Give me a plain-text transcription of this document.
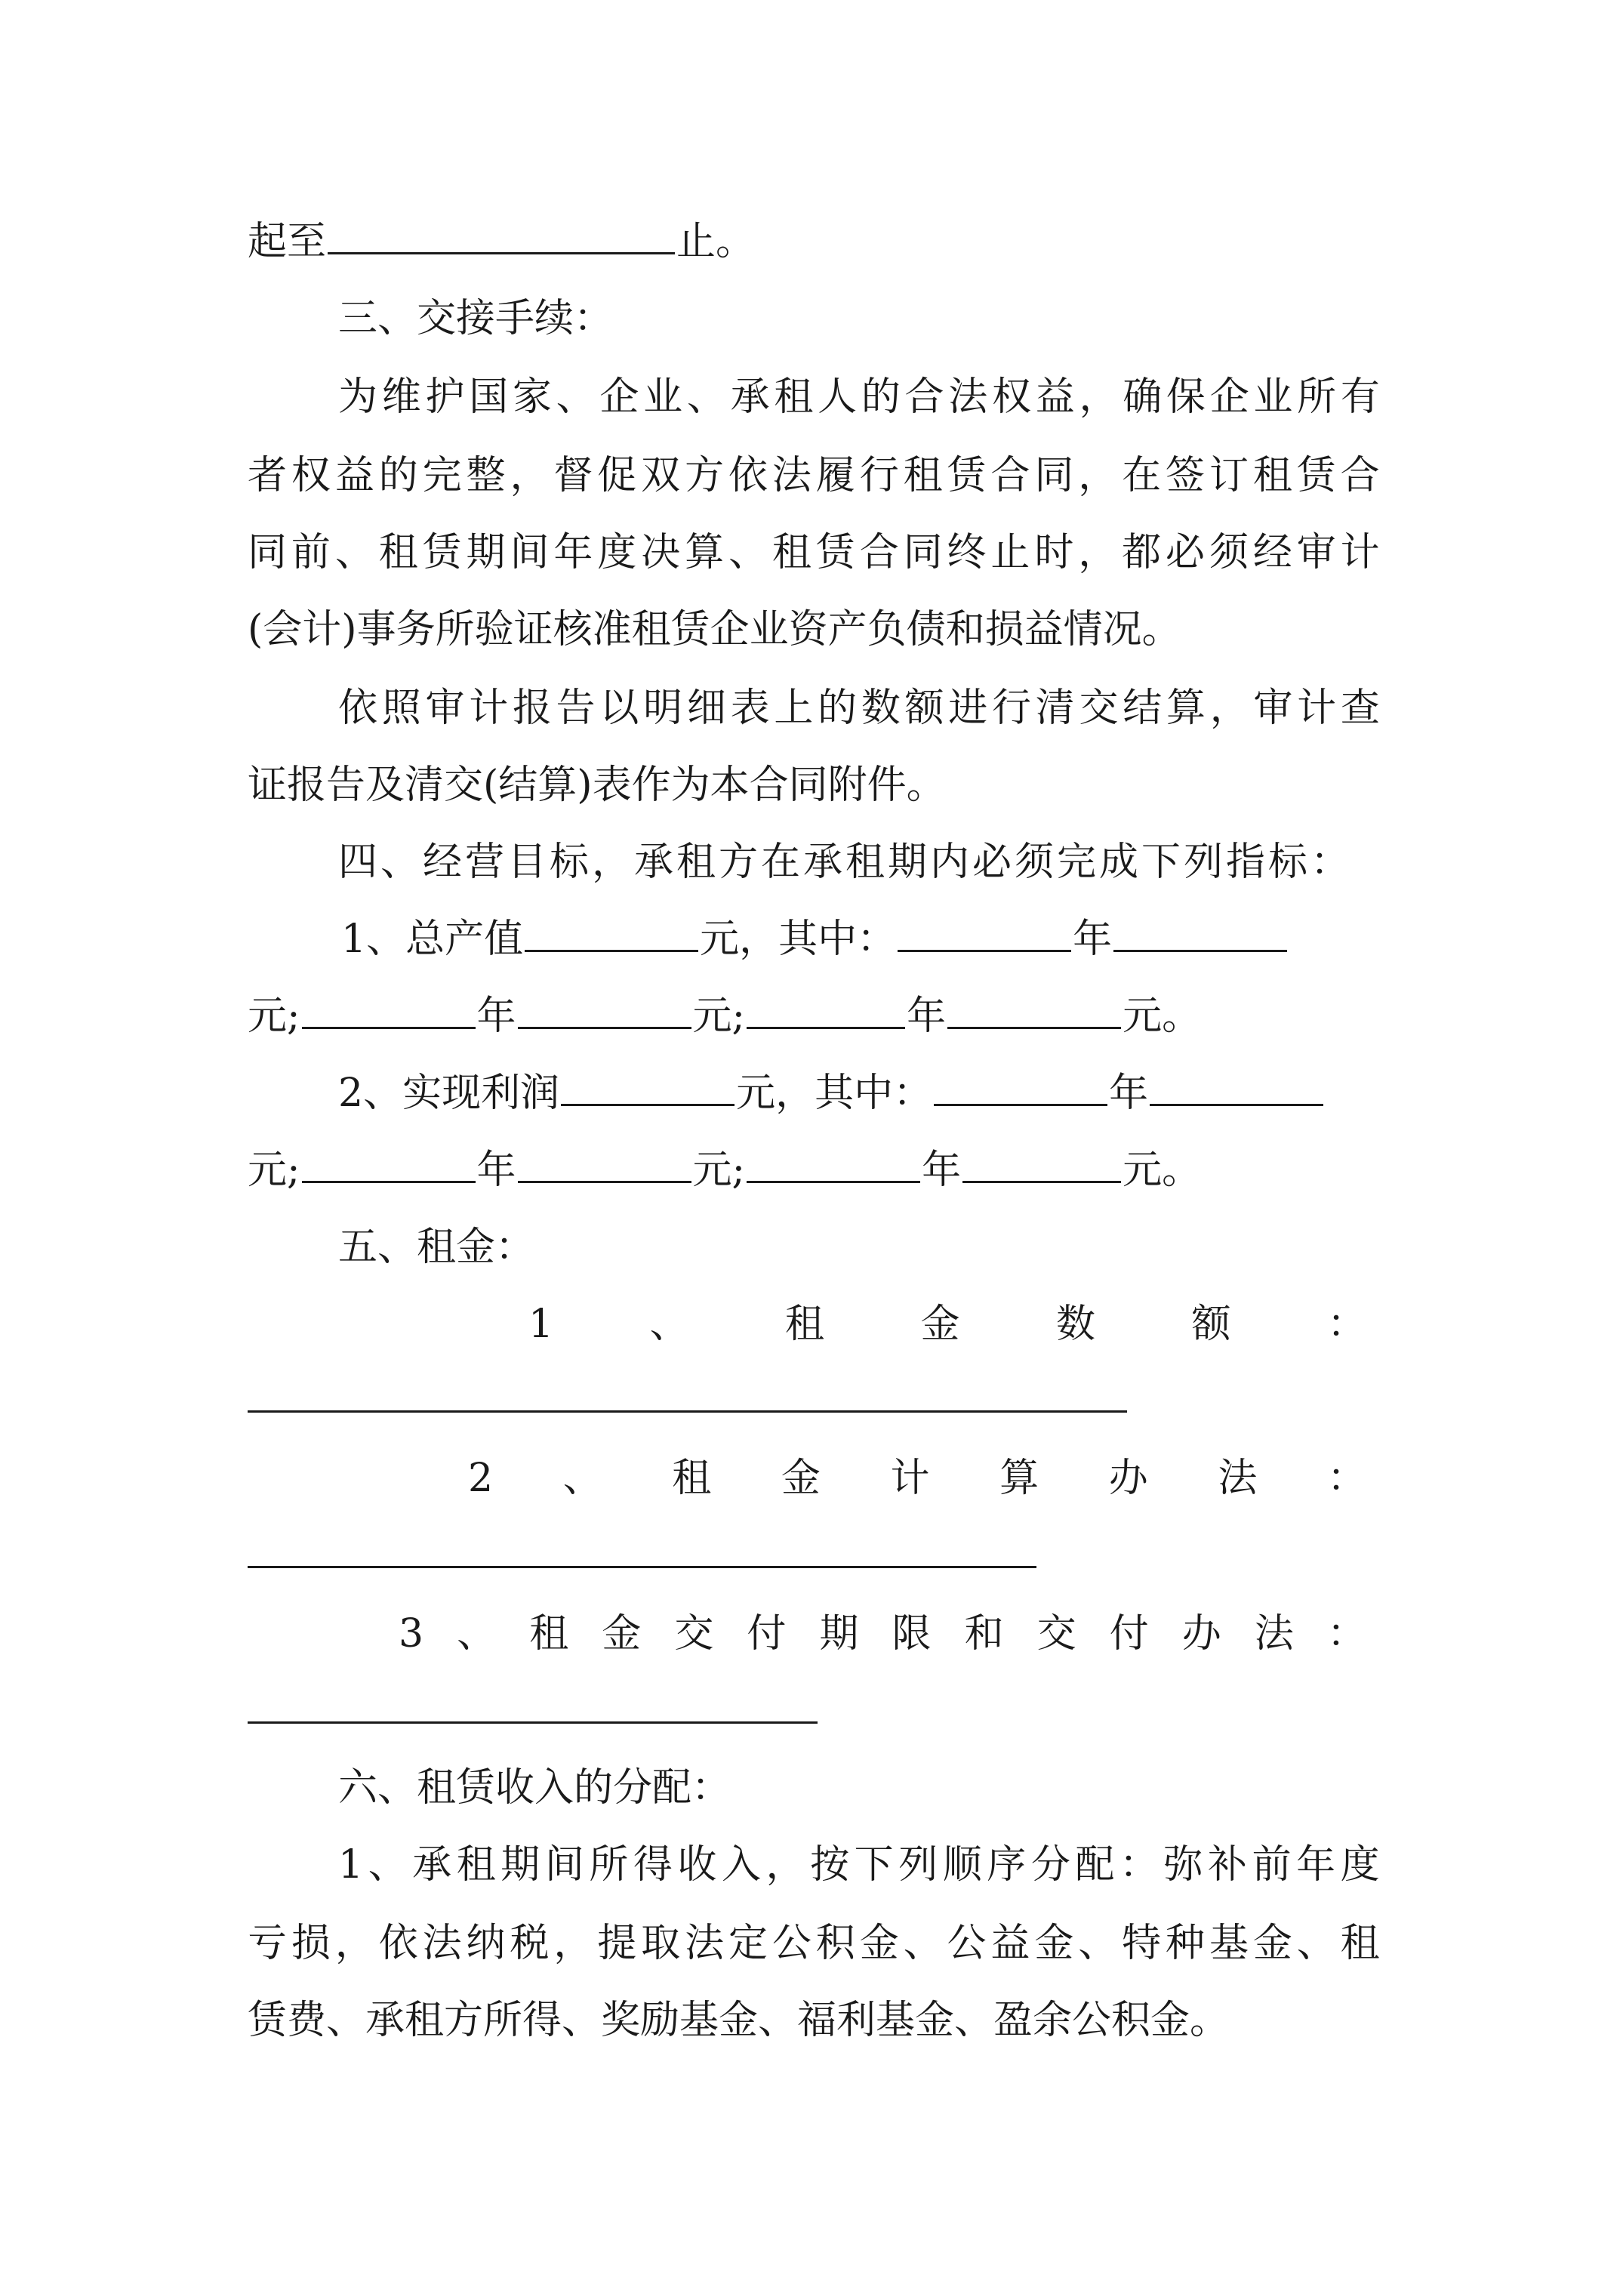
起至	止。
三、交接手续：
为 维 护 国 家 、 企 业 、 承 租 人 的 合 法 权 益 ， 确 保 企 业 所 有
者 权 益 的 完 整 ， 督 促 双 方 依 法 履 行 租 赁 合 同 ， 在 签 订 租 赁 合
同 前 、 租 赁 期 间 年 度 决 算 、 租 赁 合 同 终 止 时 ， 都 必 须 经 审 计
(会计)事务所验证核准租赁企业资产负债和损益情况。
依 照 审 计 报 告 以 明 细 表 上 的 数 额 进 行 清 交 结 算 ， 审 计 查
证报告及清交(结算)表作为本合同附件。
四、经营目标，承租方在承租期内必须完成下列指标：
1、总产值	元，其中：	年
元;	年	元;	年	元。
2、实现利润	元，其中：	年
元;	年	元;	年	元。
五、租金：
1 、 租 金 数 额 ：
2 、 租 金 计 算 办 法 ：
3 、 租 金 交 付 期 限 和 交 付 办 法 ：
六、租赁收入的分配：
1 、 承 租 期 间 所 得 收 入 ， 按 下 列 顺 序 分 配 ： 弥 补 前 年 度
亏 损 ， 依 法 纳 税 ， 提 取 法 定 公 积 金 、 公 益 金 、 特 种 基 金 、 租
赁费、承租方所得、奖励基金、福利基金、盈余公积金。
